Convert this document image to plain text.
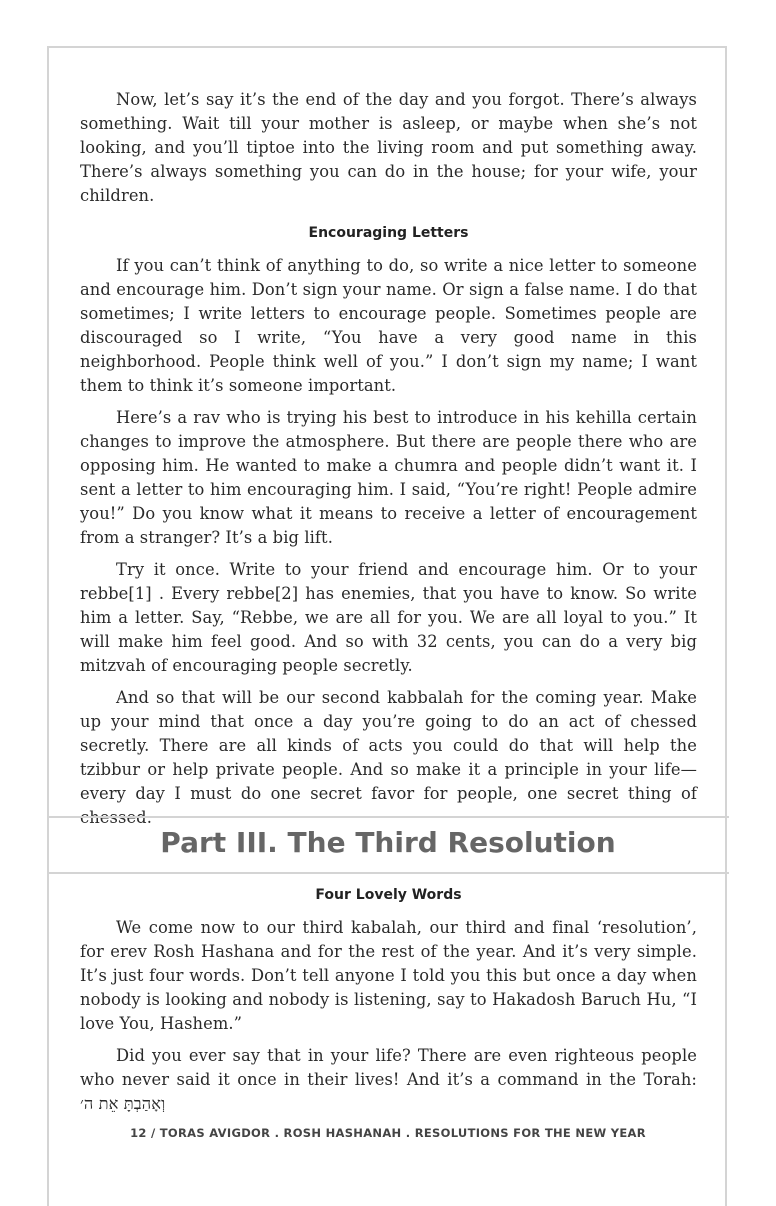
Now, let’s say it’s the end of the day and you forgot. There’s always something. Wait till your mother is asleep, or maybe when she’s not looking, and you’ll tiptoe into the living room and put something away. There’s always something you can do in the house; for your wife, your children.

Encouraging Letters

If you can’t think of anything to do, so write a nice letter to someone and encourage him. Don’t sign your name. Or sign a false name. I do that sometimes; I write letters to encourage people. Sometimes people are discouraged so I write, “You have a very good name in this neighborhood. People think well of you.” I don’t sign my name; I want them to think it’s someone important.

Here’s a rav who is trying his best to introduce in his kehilla certain changes to improve the atmosphere. But there are people there who are opposing him. He wanted to make a chumra and people didn’t want it. I sent a letter to him encouraging him. I said, “You’re right! People admire you!” Do you know what it means to receive a letter of encouragement from a stranger? It’s a big lift.

Try it once. Write to your friend and encourage him. Or to your rebbe[1] . Every rebbe[2] has enemies, that you have to know. So write him a letter. Say, “Rebbe, we are all for you. We are all loyal to you.” It will make him feel good. And so with 32 cents, you can do a very big mitzvah of encouraging people secretly.

And so that will be our second kabbalah for the coming year. Make up your mind that once a day you’re going to do an act of chessed secretly. There are all kinds of acts you could do that will help the tzibbur or help private people. And so make it a principle in your life—every day I must do one secret favor for people, one secret thing of

Part III. The Third Resolution
Four Lovely Words

We come now to our third kabalah, our third and final ‘resolution’, for erev Rosh Hashana and for the rest of the year. And it’s very simple. It’s just four words. Don’t tell anyone I told you this but once a day when nobody is looking and nobody is listening, say to Hakadosh Baruch Hu, “I love You, Hashem.”

Did you ever say that in your life? There are even righteous people who never said it once in their lives! And it’s a command in the Torah: וְאָהַבְתָּ אֵת ה׳

12 / TORAS AVIGDOR . ROSH HASHANAH . RESOLUTIONS FOR THE NEW YEAR
